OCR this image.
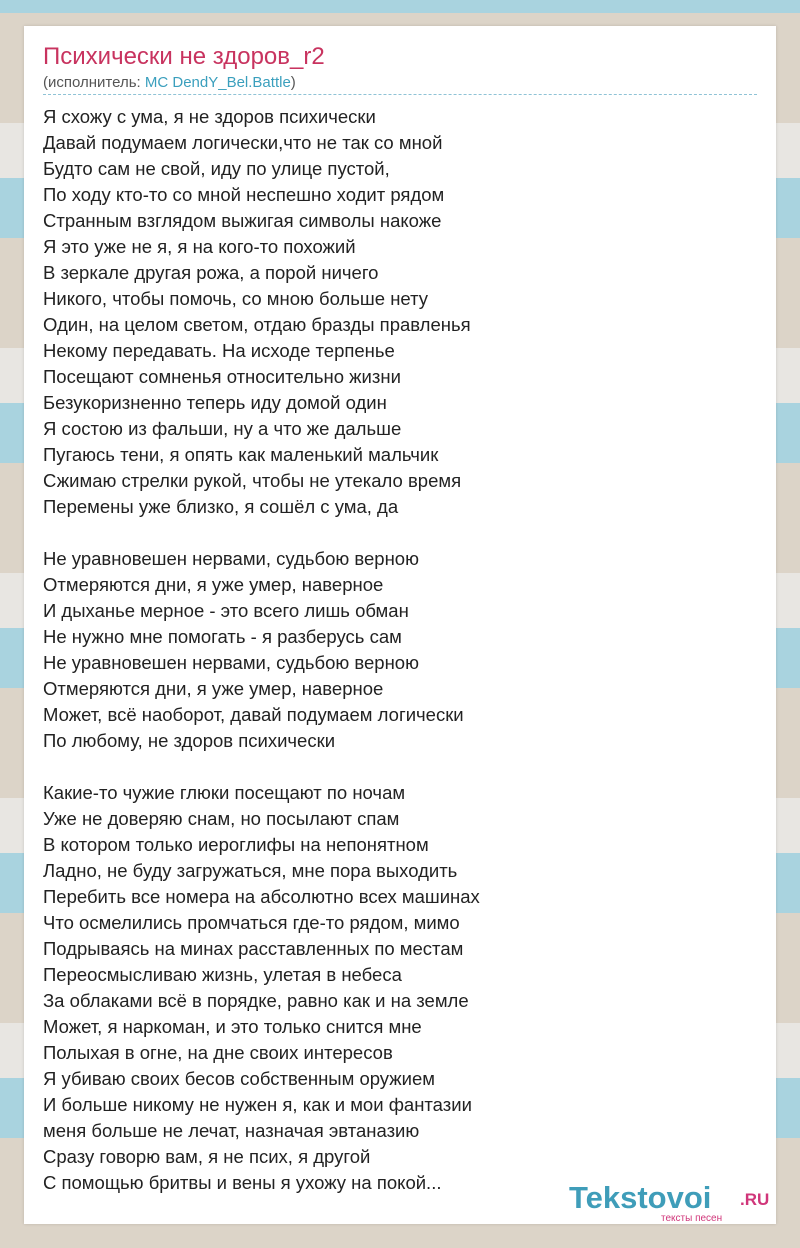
Психически не здоров_r2
(исполнитель: MC DendY_Bel.Battle)
Я схожу с ума, я не здоров психически
Давай подумаем логически,что не так со мной
Будто сам не свой, иду по улице пустой,
По ходу кто-то со мной неспешно ходит рядом
Странным взглядом выжигая символы накоже
Я это уже не я, я на кого-то похожий
В зеркале другая рожа, а порой ничего
Никого, чтобы помочь, со мною больше нету
Один, на целом светом, отдаю бразды правленья
Некому передавать. На исходе терпенье
Посещают сомненья относительно жизни
Безукоризненно теперь иду домой один
Я состою из фальши, ну а что же дальше
Пугаюсь тени, я опять как маленький мальчик
Сжимаю стрелки рукой, чтобы не утекало время
Перемены уже близко, я сошёл с ума, да
Не уравновешен нервами, судьбою верною
Отмеряются дни, я уже умер, наверное
И дыханье мерное - это всего лишь обман
Не нужно мне помогать - я разберусь сам
Не уравновешен нервами, судьбою верною
Отмеряются дни, я уже умер, наверное
Может, всё наоборот, давай подумаем логически
По любому, не здоров психически
Какие-то чужие глюки посещают по ночам
Уже не доверяю снам, но посылают спам
В котором только иероглифы на непонятном
Ладно, не буду загружаться, мне пора выходить
Перебить все номера на абсолютно всех машинах
Что осмелились промчаться где-то рядом, мимо
Подрываясь на минах расставленных по местам
Переосмысливаю жизнь, улетая в небеса
За облаками всё в порядке, равно как и на земле
Может, я наркоман, и это только снится мне
Полыхая в огне, на дне своих интересов
Я убиваю своих бесов собственным оружием
И больше никому не нужен я, как и мои фантазии
меня больше не лечат, назначая эвтаназию
Сразу говорю вам, я не псих, я другой
С помощью бритвы и вены я ухожу на покой...	Tekstovoi .RU
тексты песен
